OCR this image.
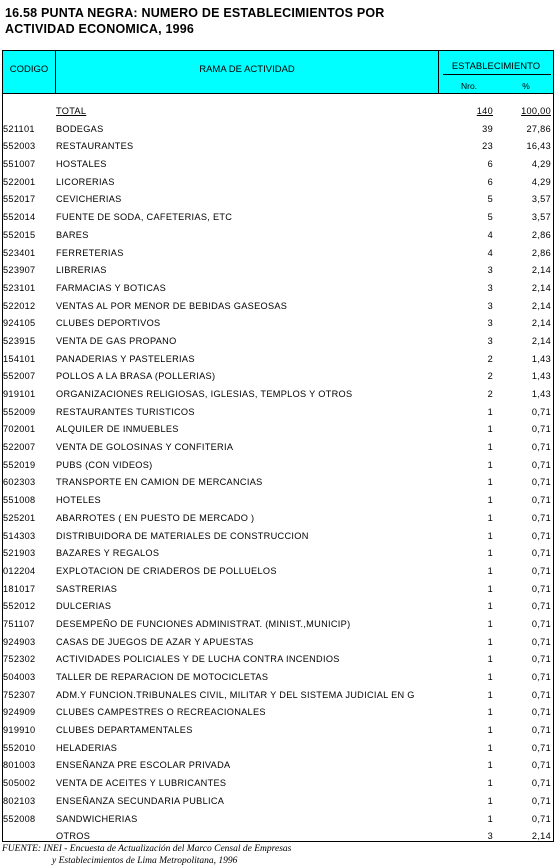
16.58 PUNTA NEGRA: NUMERO DE ESTABLECIMIENTOS POR
ACTIVIDAD ECONOMICA, 1996
CODIGO	RAMA DE ACTIVIDAD	ESTABLECIMIENTO
Nro.	%
TOTAL	140	100,00
521101 BODEGAS	39	27,86
552003 RESTAURANTES	23	16,43
551007 HOSTALES	6	4,29
522001 LICORERIAS	6	4,29
552017 CEVICHERIAS	5	3,57
552014 FUENTE DE SODA, CAFETERIAS, ETC	5	3,57
552015 BARES	4	2,86
523401 FERRETERIAS	4	2,86
523907 LIBRERIAS	3	2,14
523101 FARMACIAS Y BOTICAS	3	2,14
522012 VENTAS AL POR MENOR DE BEBIDAS GASEOSAS	3	2,14
924105 CLUBES DEPORTIVOS	3	2,14
523915 VENTA DE GAS PROPANO	3	2,14
154101 PANADERIAS Y PASTELERIAS	2	1,43
552007 POLLOS A LA BRASA (POLLERIAS)	2	1,43
919101 ORGANIZACIONES RELIGIOSAS, IGLESIAS, TEMPLOS Y OTROS	2	1,43
552009 RESTAURANTES TURISTICOS	1	0,71
702001 ALQUILER DE INMUEBLES	1	0,71
522007 VENTA DE GOLOSINAS Y CONFITERIA	1	0,71
552019 PUBS (CON VIDEOS)	1	0,71
602303 TRANSPORTE EN CAMION DE MERCANCIAS	1	0,71
551008 HOTELES	1	0,71
525201 ABARROTES ( EN PUESTO DE MERCADO )	1	0,71
514303 DISTRIBUIDORA DE MATERIALES DE CONSTRUCCION	1	0,71
521903 BAZARES Y REGALOS	1	0,71
012204 EXPLOTACION DE CRIADEROS DE POLLUELOS	1	0,71
181017 SASTRERIAS	1	0,71
552012 DULCERIAS	1	0,71
751107 DESEMPEÑO DE FUNCIONES ADMINISTRAT. (MINIST.,MUNICIP)	1	0,71
924903 CASAS DE JUEGOS DE AZAR Y APUESTAS	1	0,71
752302 ACTIVIDADES POLICIALES Y DE LUCHA CONTRA INCENDIOS	1	0,71
504003 TALLER DE REPARACION DE MOTOCICLETAS	1	0,71
752307 ADM.Y FUNCION.TRIBUNALES CIVIL, MILITAR Y DEL SISTEMA JUDICIAL EN G	1	0,71
924909 CLUBES CAMPESTRES O RECREACIONALES	1	0,71
919910 CLUBES DEPARTAMENTALES	1	0,71
552010 HELADERIAS	1	0,71
801003 ENSEÑANZA PRE ESCOLAR PRIVADA	1	0,71
505002 VENTA DE ACEITES Y LUBRICANTES	1	0,71
802103 ENSEÑANZA SECUNDARIA PUBLICA	1	0,71
552008 SANDWICHERIAS	1	0,71
OTROS	3	2,14
FUENTE: INEI - Encuesta de Actualización del Marco Censal de Empresas
y Establecimientos de Lima Metropolitana, 1996
